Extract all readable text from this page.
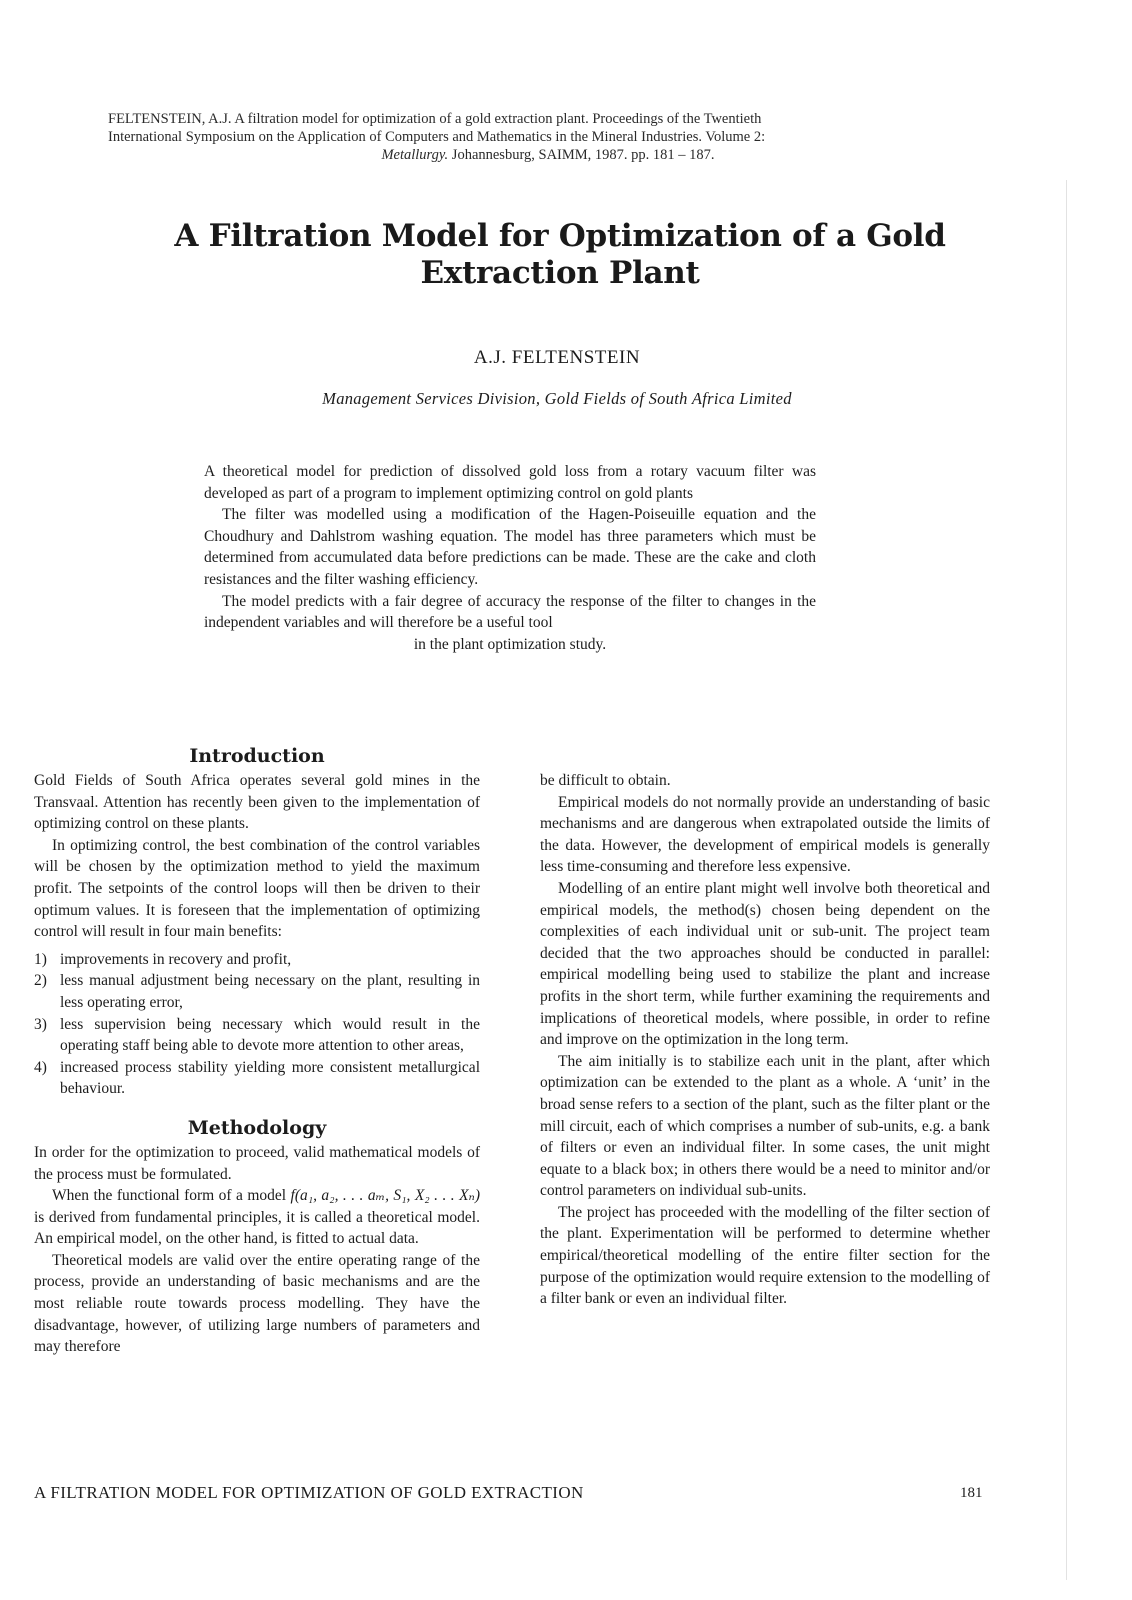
FELTENSTEIN, A.J. A filtration model for optimization of a gold extraction plant. Proceedings of the Twentieth

International Symposium on the Application of Computers and Mathematics in the Mineral Industries. Volume 2:

Metallurgy. Johannesburg, SAIMM, 1987. pp. 181 – 187.

A Filtration Model for Optimization of a Gold
Extraction Plant
A.J. FELTENSTEIN
Management Services Division, Gold Fields of South Africa Limited

A theoretical model for prediction of dissolved gold loss from a rotary vacuum filter was developed as part of a program to implement optimizing control on gold plants

The filter was modelled using a modification of the Hagen-Poiseuille equation and the Choudhury and Dahlstrom washing equation. The model has three parameters which must be determined from accumulated data before predictions can be made. These are the cake and cloth resistances and the filter washing efficiency.

The model predicts with a fair degree of accuracy the response of the filter to changes in the independent variables and will therefore be a useful tool

in the plant optimization study.

Introduction

Gold Fields of South Africa operates several gold mines in the Transvaal. Attention has recently been given to the implementation of optimizing control on these plants.

In optimizing control, the best combination of the control variables will be chosen by the optimization method to yield the maximum profit. The setpoints of the control loops will then be driven to their optimum values. It is foreseen that the implementation of optimizing control will result in four main benefits:

1) improvements in recovery and profit,
2) less manual adjustment being necessary on the plant, resulting in less operating error,
3) less supervision being necessary which would result in the operating staff being able to devote more attention to other areas,
4) increased process stability yielding more consistent metallurgical behaviour.
Methodology

In order for the optimization to proceed, valid mathematical models of the process must be formulated.

When the functional form of a model f(a₁, a₂, . . . aₘ, S₁, X₂ . . . Xₙ) is derived from fundamental principles, it is called a theoretical model. An empirical model, on the other hand, is fitted to actual data.

Theoretical models are valid over the entire operating range of the process, provide an understanding of basic mechanisms and are the most reliable route towards process modelling. They have the disadvantage, however, of utilizing large numbers of parameters and may therefore

be difficult to obtain.

Empirical models do not normally provide an understanding of basic mechanisms and are dangerous when extrapolated outside the limits of the data. However, the development of empirical models is generally less time-consuming and therefore less expensive.

Modelling of an entire plant might well involve both theoretical and empirical models, the method(s) chosen being dependent on the complexities of each individual unit or sub-unit. The project team decided that the two approaches should be conducted in parallel: empirical modelling being used to stabilize the plant and increase profits in the short term, while further examining the requirements and implications of theoretical models, where possible, in order to refine and improve on the optimization in the long term.

The aim initially is to stabilize each unit in the plant, after which optimization can be extended to the plant as a whole. A ‘unit’ in the broad sense refers to a section of the plant, such as the filter plant or the mill circuit, each of which comprises a number of sub-units, e.g. a bank of filters or even an individual filter. In some cases, the unit might equate to a black box; in others there would be a need to minitor and/or control parameters on individual sub-units.

The project has proceeded with the modelling of the filter section of the plant. Experimentation will be performed to determine whether empirical/theoretical modelling of the entire filter section for the purpose of the optimization would require extension to the modelling of a filter bank or even an individual filter.

A FILTRATION MODEL FOR OPTIMIZATION OF GOLD EXTRACTION	181
